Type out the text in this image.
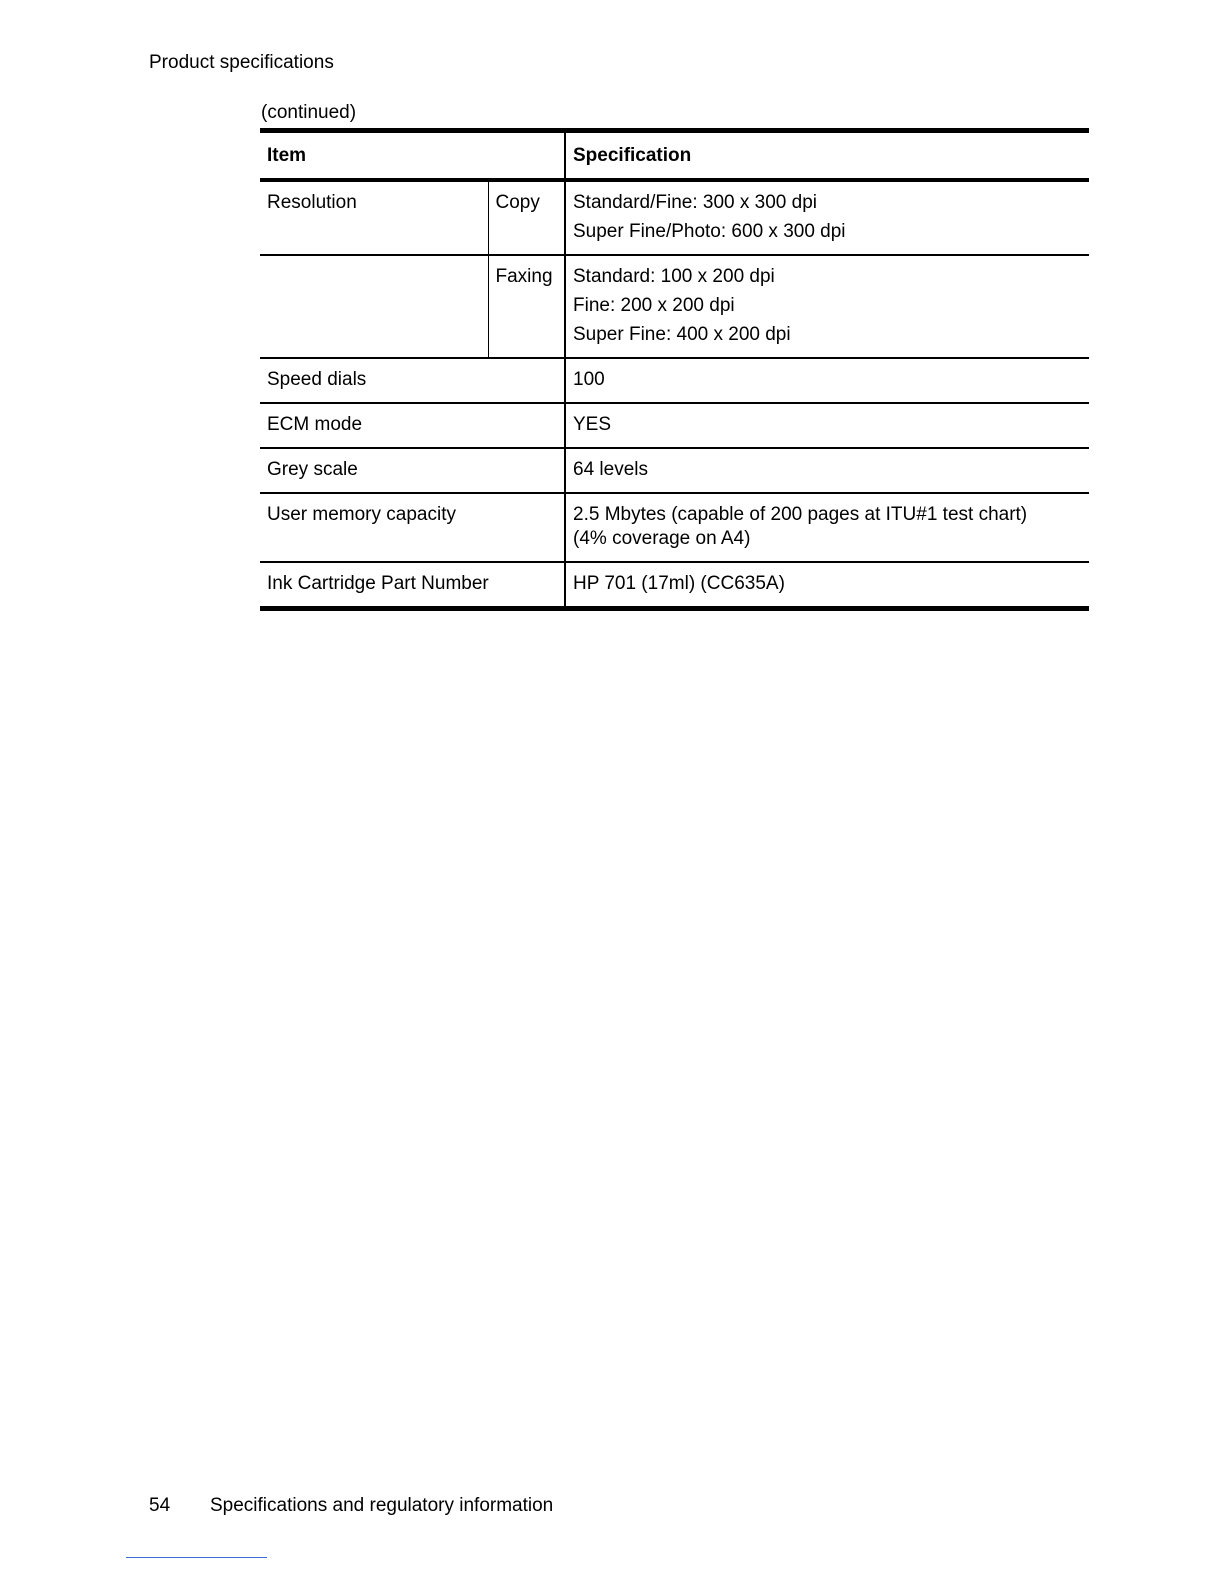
Product specifications
(continued)
Item		Specification
Resolution	Copy	Standard/Fine: 300 x 300 dpi
Super Fine/Photo: 600 x 300 dpi

	Faxing	Standard: 100 x 200 dpi
Fine: 200 x 200 dpi
Super Fine: 400 x 200 dpi

Speed dials		100
ECM mode		YES
Grey scale		64 levels
User memory capacity		2.5 Mbytes (capable of 200 pages at ITU#1 test chart)
(4% coverage on A4)

Ink Cartridge Part Number		HP 701 (17ml) (CC635A)
54 Specifications and regulatory information
